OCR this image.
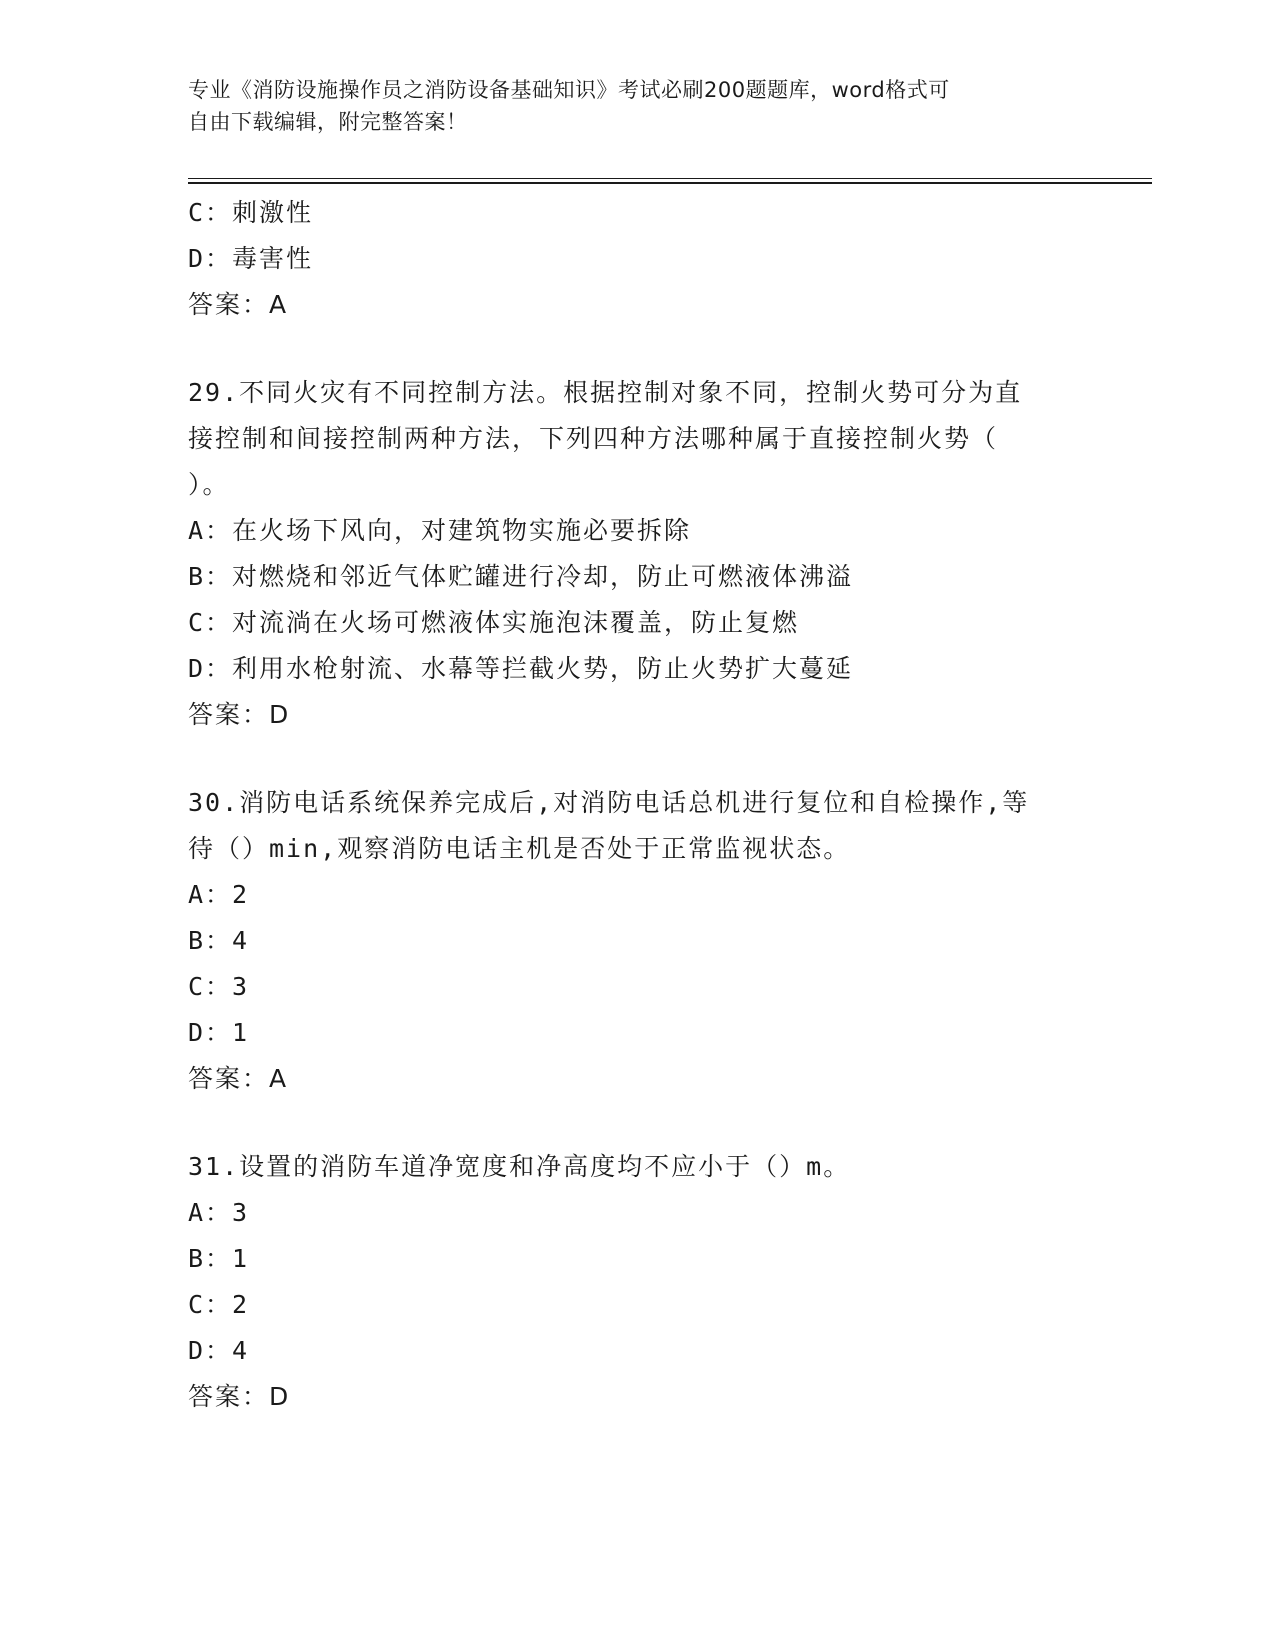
专业《消防设施操作员之消防设备基础知识》考试必刷200题题库，word格式可
自由下载编辑，附完整答案！
C：刺激性
D：毒害性
答案：A
29.不同火灾有不同控制方法。根据控制对象不同，控制火势可分为直
接控制和间接控制两种方法，下列四种方法哪种属于直接控制火势（
）。
A：在火场下风向，对建筑物实施必要拆除
B：对燃烧和邻近气体贮罐进行冷却，防止可燃液体沸溢
C：对流淌在火场可燃液体实施泡沫覆盖，防止复燃
D：利用水枪射流、水幕等拦截火势，防止火势扩大蔓延
答案：D
30.消防电话系统保养完成后,对消防电话总机进行复位和自检操作,等
待（）min,观察消防电话主机是否处于正常监视状态。
A：2
B：4
C：3
D：1
答案：A
31.设置的消防车道净宽度和净高度均不应小于（）m。
A：3
B：1
C：2
D：4
答案：D
